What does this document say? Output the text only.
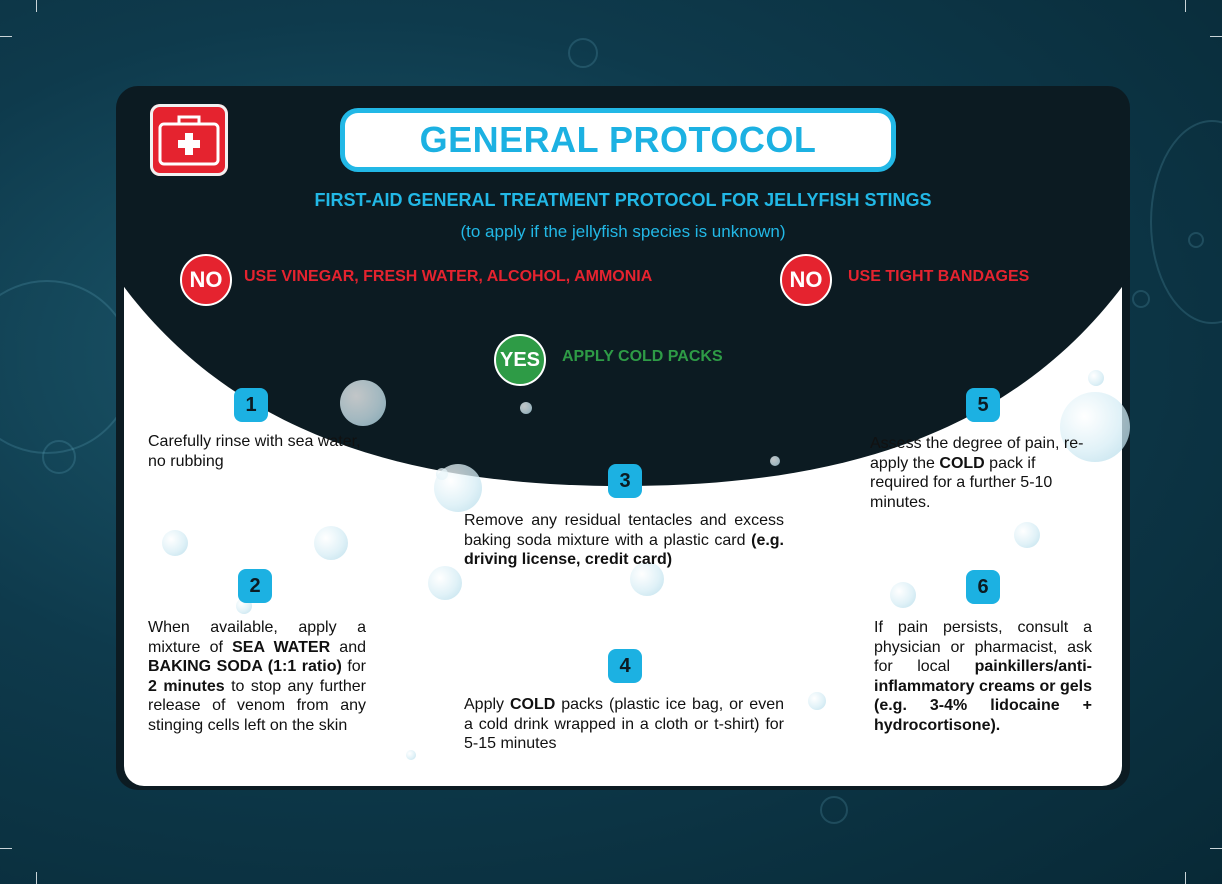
GENERAL PROTOCOL
FIRST-AID GENERAL TREATMENT PROTOCOL FOR JELLYFISH STINGS
(to apply if the jellyfish species is unknown)
NO USE VINEGAR, FRESH WATER, ALCOHOL, AMMONIA	NO USE TIGHT BANDAGES
YES APPLY COLD PACKS
1
Carefully rinse with sea water, no rubbing
2
When available, apply a mixture of SEA WATER and BAKING SODA (1:1 ratio) for 2 minutes to stop any further release of venom from any stinging cells left on the skin
3
Remove any residual tentacles and excess baking soda mixture with a plastic card (e.g. driving license, credit card)
4
Apply COLD packs (plastic ice bag, or even a cold drink wrapped in a cloth or t-shirt) for 5-15 minutes
5
Assess the degree of pain, re-apply the COLD pack if required for a further 5-10 minutes.
6
If pain persists, consult a physician or pharmacist, ask for local painkillers/anti-inflammatory creams or gels (e.g. 3-4% lidocaine + hydrocortisone).
